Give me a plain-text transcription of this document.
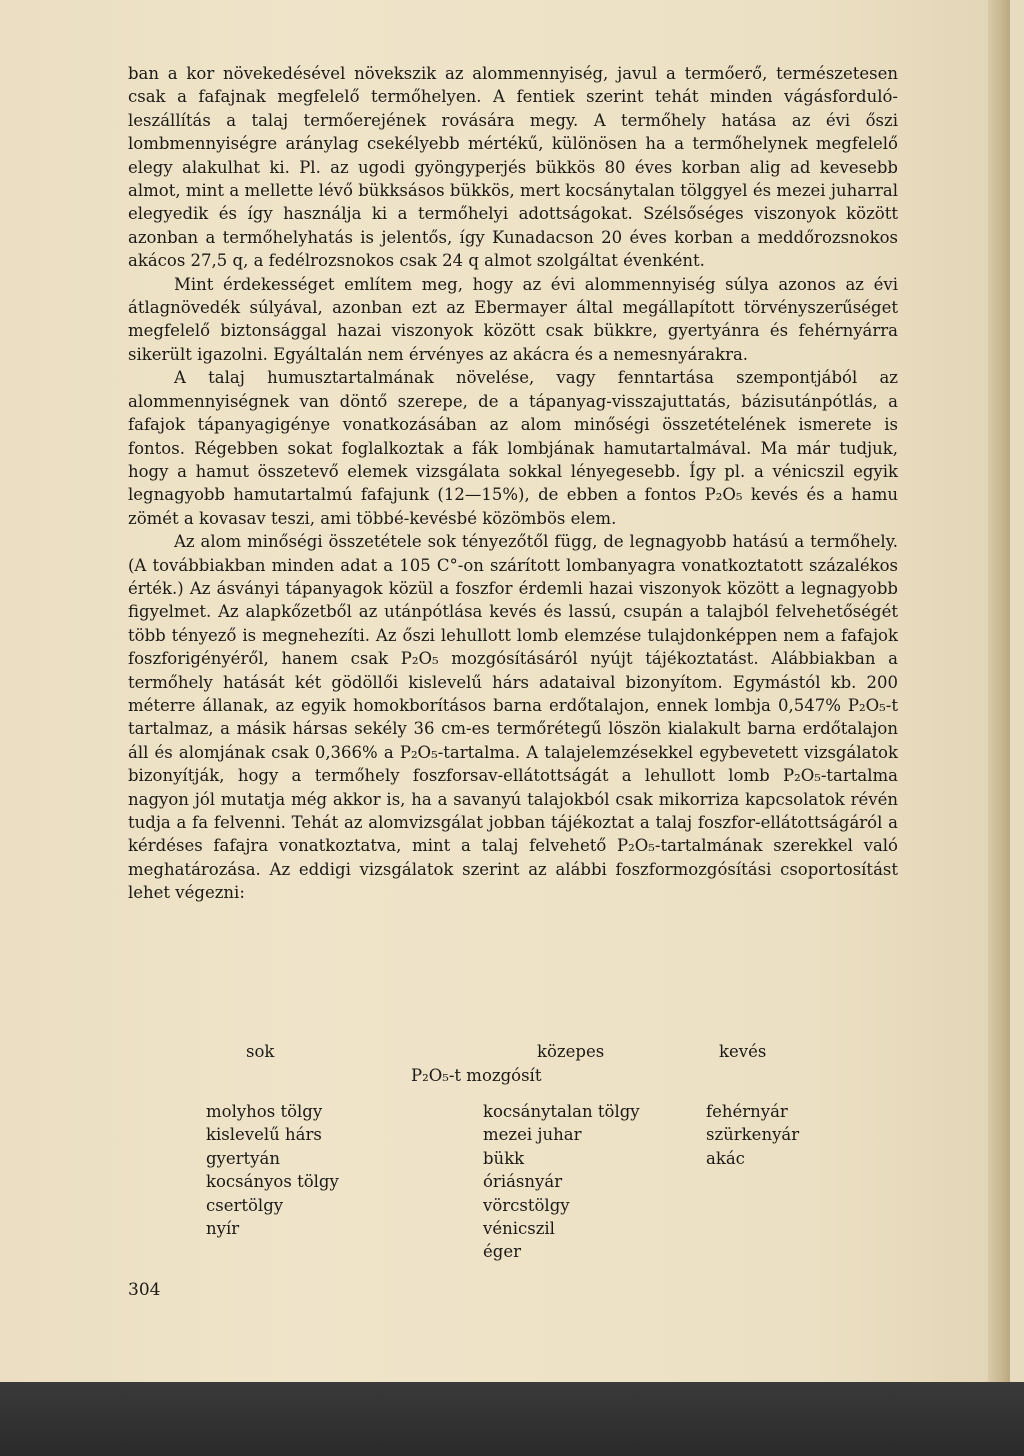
ban a kor növekedésével növekszik az alommennyiség, javul a termőerő, természetesen csak a fafajnak megfelelő termőhelyen. A fentiek szerint tehát minden vágásforduló-leszállítás a talaj termőerejének rovására megy. A termőhely hatása az évi őszi lombmennyiségre aránylag csekélyebb mértékű, különösen ha a termőhelynek megfelelő elegy alakulhat ki. Pl. az ugodi gyöngyperjés bükkös 80 éves korban alig ad kevesebb almot, mint a mellette lévő bükksásos bükkös, mert kocsánytalan tölggyel és mezei juharral elegyedik és így használja ki a termőhelyi adottságokat. Szélsőséges viszonyok között azonban a termőhelyhatás is jelentős, így Kunadacson 20 éves korban a meddőrozsnokos akácos 27,5 q, a fedélrozsnokos csak 24 q almot szolgáltat évenként.

Mint érdekességet említem meg, hogy az évi alommennyiség súlya azonos az évi átlagnövedék súlyával, azonban ezt az Ebermayer által megállapított törvényszerűséget megfelelő biztonsággal hazai viszonyok között csak bükkre, gyertyánra és fehérnyárra sikerült igazolni. Egyáltalán nem érvényes az akácra és a nemesnyárakra.

A talaj humusztartalmának növelése, vagy fenntartása szempontjából az alommennyiségnek van döntő szerepe, de a tápanyag-visszajuttatás, bázisutánpótlás, a fafajok tápanyagigénye vonatkozásában az alom minőségi összetételének ismerete is fontos. Régebben sokat foglalkoztak a fák lombjának hamutartalmával. Ma már tudjuk, hogy a hamut összetevő elemek vizsgálata sokkal lényegesebb. Így pl. a vénicszil egyik legnagyobb hamutartalmú fafajunk (12—15%), de ebben a fontos P₂O₅ kevés és a hamu zömét a kovasav teszi, ami többé-kevésbé közömbös elem.

Az alom minőségi összetétele sok tényezőtől függ, de legnagyobb hatású a termőhely. (A továbbiakban minden adat a 105 C°-on szárított lombanyagra vonatkoztatott százalékos érték.) Az ásványi tápanyagok közül a foszfor érdemli hazai viszonyok között a legnagyobb figyelmet. Az alapkőzetből az utánpótlása kevés és lassú, csupán a talajból felvehetőségét több tényező is megnehezíti. Az őszi lehullott lomb elemzése tulajdonképpen nem a fafajok foszforigényéről, hanem csak P₂O₅ mozgósításáról nyújt tájékoztatást. Alábbiakban a termőhely hatását két gödöllői kislevelű hárs adataival bizonyítom. Egymástól kb. 200 méterre állanak, az egyik homokborításos barna erdőtalajon, ennek lombja 0,547% P₂O₅-t tartalmaz, a másik hársas sekély 36 cm-es termőrétegű löszön kialakult barna erdőtalajon áll és alomjának csak 0,366% a P₂O₅-tartalma. A talajelemzésekkel egybevetett vizsgálatok bizonyítják, hogy a termőhely foszforsav-ellátottságát a lehullott lomb P₂O₅-tartalma nagyon jól mutatja még akkor is, ha a savanyú talajokból csak mikorriza kapcsolatok révén tudja a fa felvenni. Tehát az alomvizsgálat jobban tájékoztat a talaj foszfor-ellátottságáról a kérdéses fafajra vonatkoztatva, mint a talaj felvehető P₂O₅-tartalmának szerekkel való meghatározása. Az eddigi vizsgálatok szerint az alábbi foszformozgósítási csoportosítást lehet végezni:

sok	közepes	kevés
P₂O₅-t mozgósít
molyhos tölgy
kislevelű hárs
gyertyán
kocsányos tölgy
csertölgy
nyír
kocsánytalan tölgy
mezei juhar
bükk
óriásnyár
vörcstölgy
vénicszil
éger
fehérnyár
szürkenyár
akác
304
